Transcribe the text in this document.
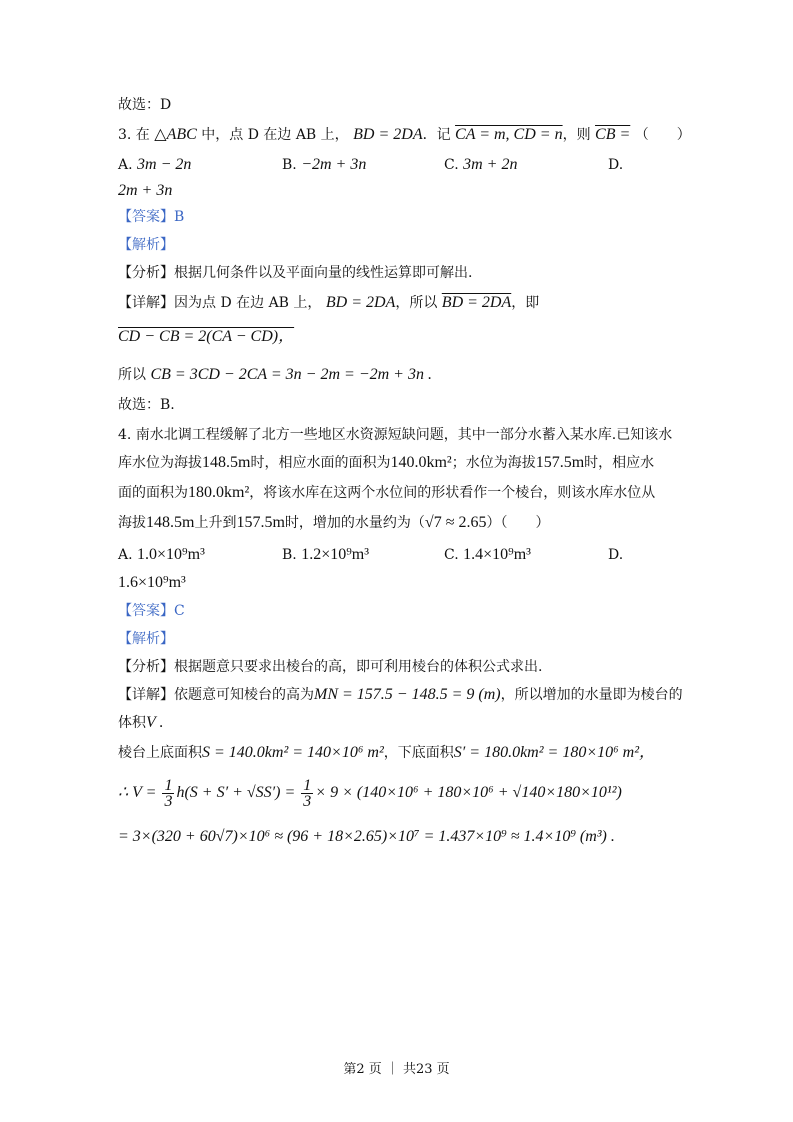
故选：D
3. 在 △ABC 中，点 D 在边 AB 上， BD = 2DA．记 CA = m, CD = n，则 CB = （　　）
A. 3m − 2n	B. −2m + 3n	C. 3m + 2n	D.
2m + 3n
【答案】B
【解析】
【分析】根据几何条件以及平面向量的线性运算即可解出.
【详解】因为点 D 在边 AB 上， BD = 2DA，所以 BD = 2DA，即
CD − CB = 2(CA − CD)，
所以 CB = 3CD − 2CA = 3n − 2m = −2m + 3n .
故选：B.
4. 南水北调工程缓解了北方一些地区水资源短缺问题，其中一部分水蓄入某水库.已知该水
库水位为海拔148.5m时，相应水面的面积为140.0km²；水位为海拔157.5m时，相应水
面的面积为180.0km²，将该水库在这两个水位间的形状看作一个棱台，则该水库水位从
海拔148.5m上升到157.5m时，增加的水量约为（√7 ≈ 2.65）（　　）
A. 1.0×10⁹m³	B. 1.2×10⁹m³	C. 1.4×10⁹m³	D.
1.6×10⁹m³
【答案】C
【解析】
【分析】根据题意只要求出棱台的高，即可利用棱台的体积公式求出.
【详解】依题意可知棱台的高为MN = 157.5 − 148.5 = 9 (m)，所以增加的水量即为棱台的
体积V .
棱台上底面积S = 140.0km² = 140×10⁶ m²，下底面积S′ = 180.0km² = 180×10⁶ m²，
∴ $V = \frac{1}{3} h(S + S' + √SS') = \frac{1}{3} \times 9 \times (140\times 10^6 + 180\times 10^6 + √140\times 180\times 10^{12})$
= 3×(320 + 60√7)×10⁶ ≈ (96 + 18×2.65)×10⁷ = 1.437×10⁹ ≈ 1.4×10⁹ (m³) .
第2 页 ｜ 共23 页
